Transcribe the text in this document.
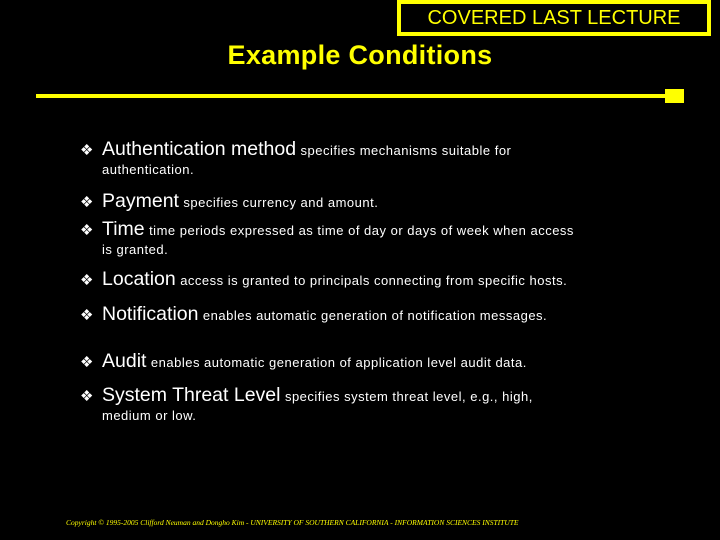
COVERED LAST LECTURE
Example Conditions
❖ Authentication method specifies mechanisms suitable for
authentication.
❖ Payment specifies currency and amount.
❖ Time time periods expressed as time of day or days of week when access
is granted.
❖ Location access is granted to principals connecting from specific hosts.
❖ Notification enables automatic generation of notification messages.
❖ Audit enables automatic generation of application level audit data.
❖ System Threat Level specifies system threat level, e.g., high,
medium or low.
Copyright © 1995-2005 Clifford Neuman and Dongho Kim - UNIVERSITY OF SOUTHERN CALIFORNIA - INFORMATION SCIENCES INSTITUTE
